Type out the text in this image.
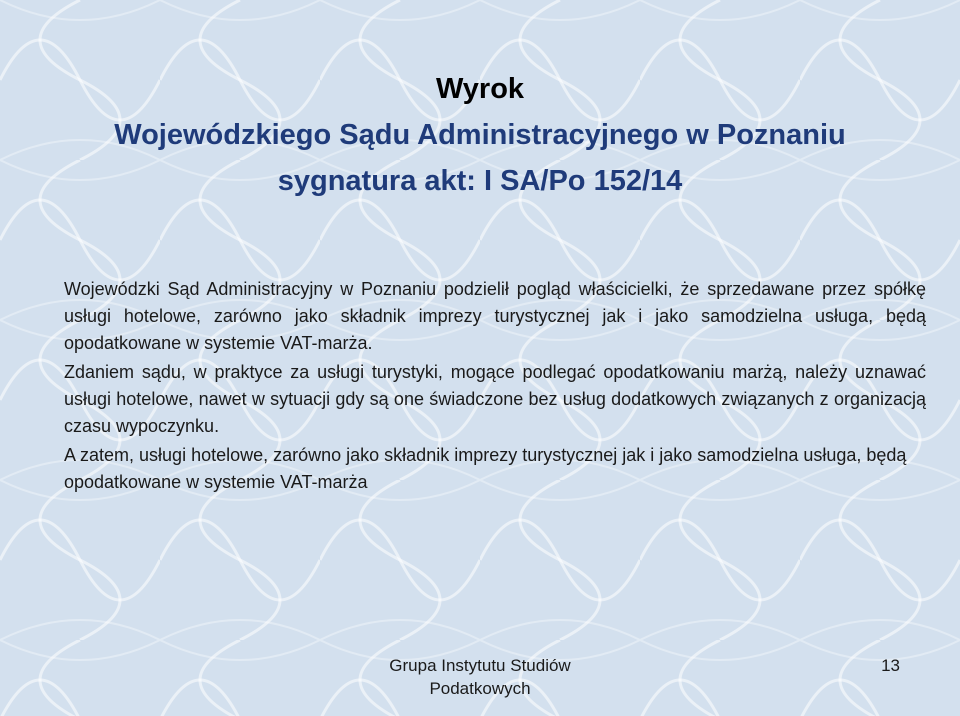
Wyrok
Wojewódzkiego Sądu Administracyjnego w Poznaniu
sygnatura akt: I SA/Po 152/14

Wojewódzki Sąd Administracyjny w Poznaniu podzielił pogląd właścicielki, że sprzedawane przez spółkę usługi hotelowe, zarówno jako składnik imprezy turystycznej jak i jako samodzielna usługa, będą opodatkowane w systemie VAT-marża.

Zdaniem sądu, w praktyce za usługi turystyki, mogące podlegać opodatkowaniu marżą, należy uznawać usługi hotelowe, nawet w sytuacji gdy są one świadczone bez usług dodatkowych związanych z organizacją czasu wypoczynku.

A zatem, usługi hotelowe, zarówno jako składnik imprezy turystycznej jak i jako samodzielna usługa, będą opodatkowane w systemie VAT-marża

Grupa Instytutu Studiów
Podatkowych
13
